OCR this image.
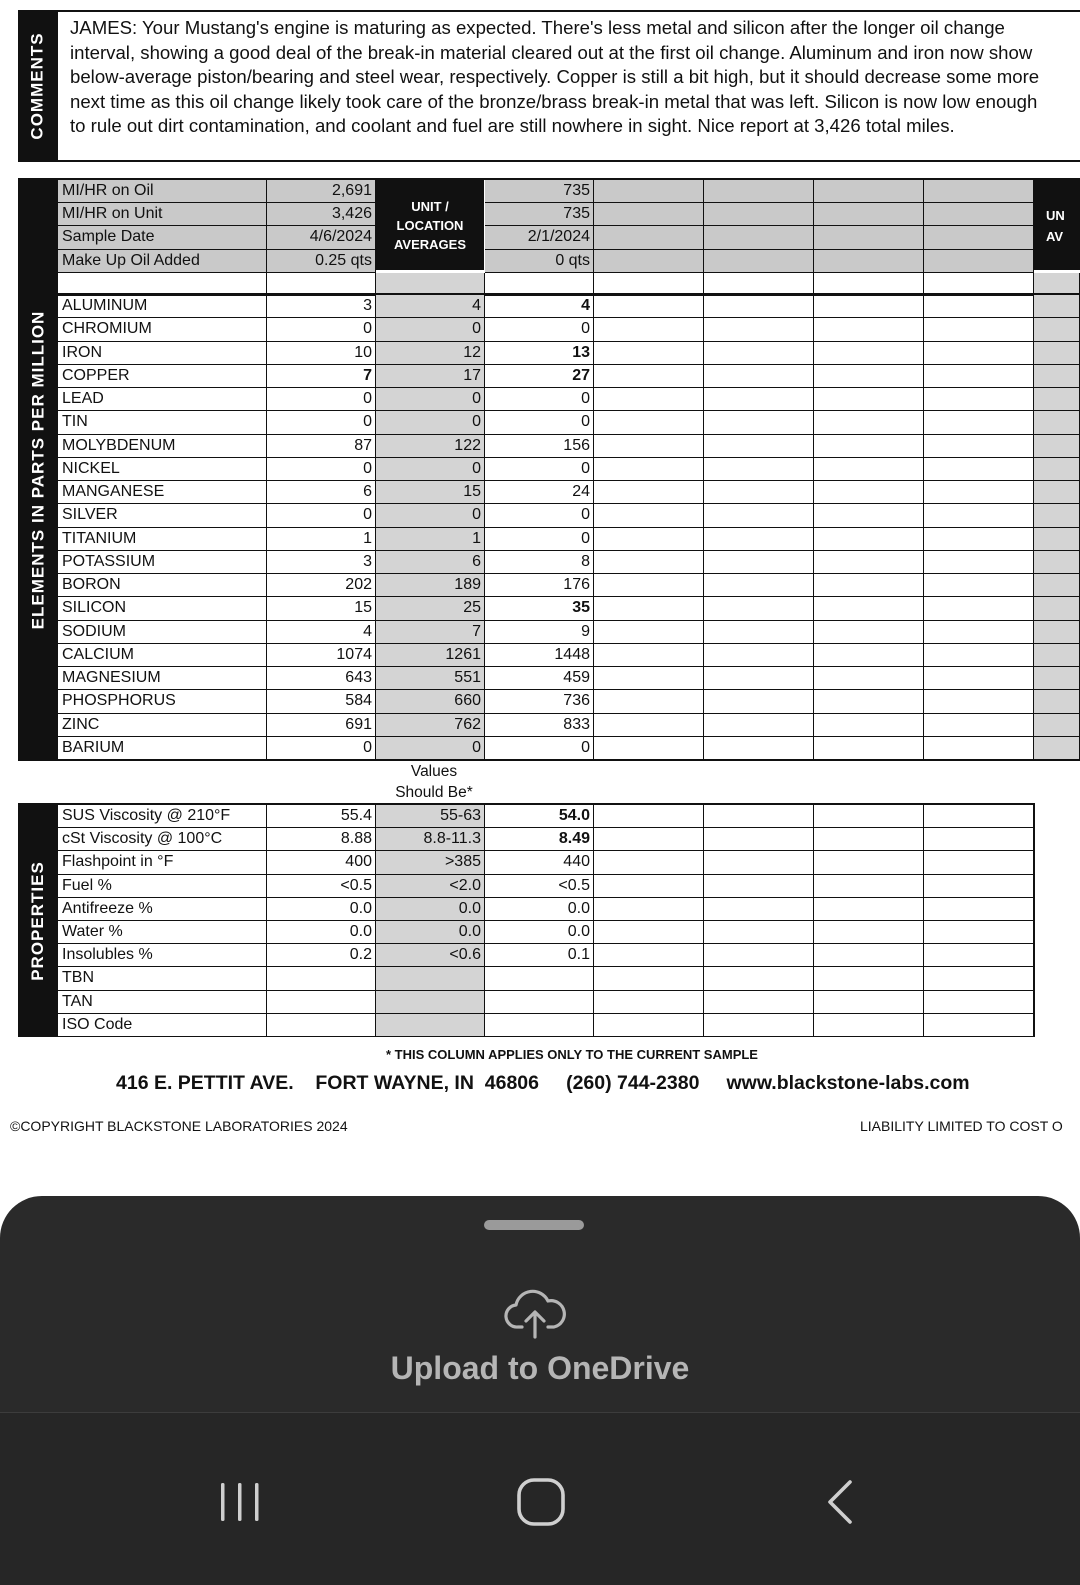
COMMENTS
JAMES: Your Mustang's engine is maturing as expected. There's less metal and silicon after the longer oil change interval, showing a good deal of the break-in material cleared out at the first oil change. Aluminum and iron now show below-average piston/bearing and steel wear, respectively. Copper is still a bit high, but it should decrease some more next time as this oil change likely took care of the bronze/brass break-in metal that was left. Silicon is now low enough to rule out dirt contamination, and coolant and fuel are still nowhere in sight. Nice report at 3,426 total miles.
MI/HR on Oil	2,691	735
MI/HR on Unit	3,426	735
Sample Date	4/6/2024	2/1/2024
Make Up Oil Added	0.25 qts	0 qts
UNIT /
LOCATION
AVERAGES
UN
AV
ELEMENTS IN PARTS PER MILLION
ALUMINUM	3	4	4
CHROMIUM	0	0	0
IRON	10	12	13
COPPER	7	17	27
LEAD	0	0	0
TIN	0	0	0
MOLYBDENUM	87	122	156
NICKEL	0	0	0
MANGANESE	6	15	24
SILVER	0	0	0
TITANIUM	1	1	0
POTASSIUM	3	6	8
BORON	202	189	176
SILICON	15	25	35
SODIUM	4	7	9
CALCIUM	1074	1261	1448
MAGNESIUM	643	551	459
PHOSPHORUS	584	660	736
ZINC	691	762	833
BARIUM	0	0	0
Values
Should Be*
PROPERTIES
SUS Viscosity @ 210°F	55.4	55-63	54.0
cSt Viscosity @ 100°C	8.88	8.8-11.3	8.49
Flashpoint in °F	400	>385	440
Fuel %	<0.5	<2.0	<0.5
Antifreeze %	0.0	0.0	0.0
Water %	0.0	0.0	0.0
Insolubles %	0.2	<0.6	0.1
TBN
TAN
ISO Code
* THIS COLUMN APPLIES ONLY TO THE CURRENT SAMPLE
416 E. PETTIT AVE.    FORT WAYNE, IN  46806     (260) 744-2380     www.blackstone-labs.com
©COPYRIGHT BLACKSTONE LABORATORIES 2024	LIABILITY LIMITED TO COST O
Upload to OneDrive
